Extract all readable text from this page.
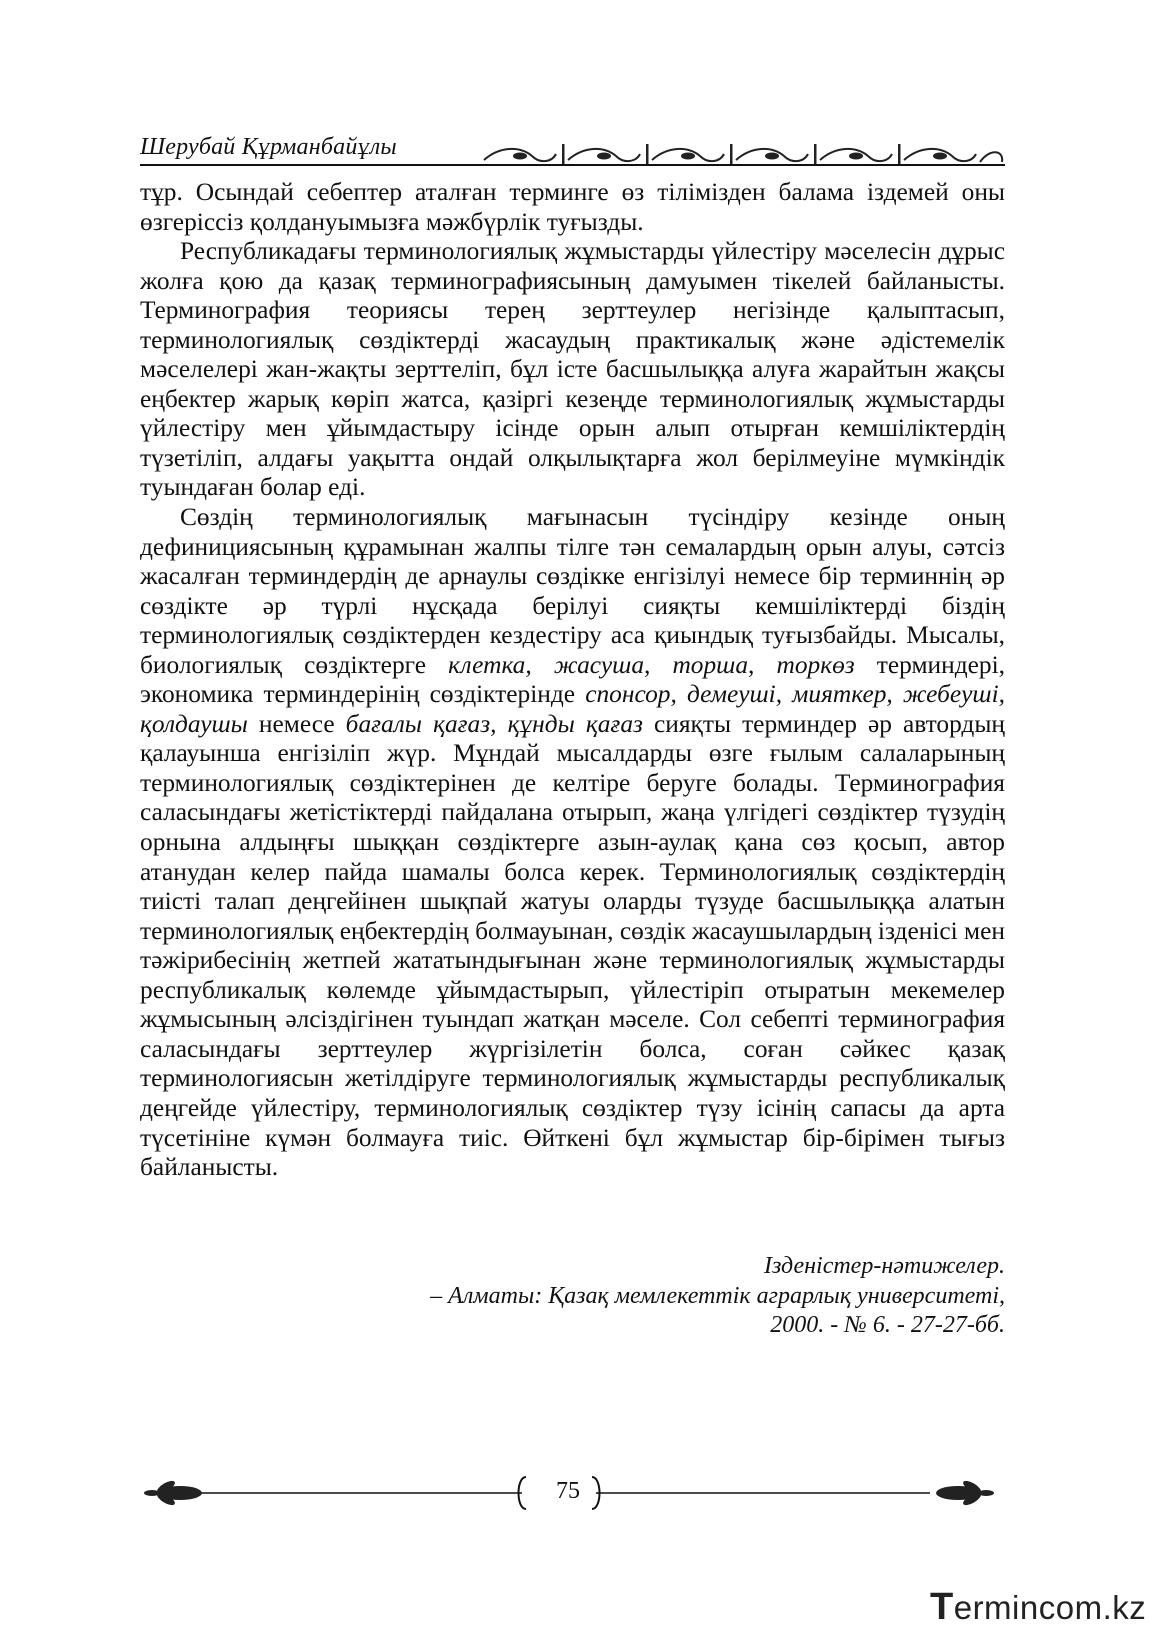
Шерубай Құрманбайұлы

тұр. Осындай себептер аталған терминге өз тілімізден балама іздемей оны өзгеріссіз қолдануымызға мәжбүрлік туғызды.

Республикадағы терминологиялық жұмыстарды үйлестіру мәселесін дұрыс жолға қою да қазақ терминографиясының дамуымен тікелей байланысты. Терминография теориясы терең зерттеулер негізінде қалыптасып, терминологиялық сөздіктерді жасаудың практикалық және әдістемелік мәселелері жан-жақты зерттеліп, бұл істе басшылыққа алуға жарайтын жақсы еңбектер жарық көріп жатса, қазіргі кезеңде терминологиялық жұмыстарды үйлестіру мен ұйымдастыру ісінде орын алып отырған кемшіліктердің түзетіліп, алдағы уақытта ондай олқылықтарға жол берілмеуіне мүмкіндік туындаған болар еді.

Сөздің терминологиялық мағынасын түсіндіру кезінде оның дефинициясының құрамынан жалпы тілге тән семалардың орын алуы, сәтсіз жасалған терминдердің де арнаулы сөздікке енгізілуі немесе бір терминнің әр сөздікте әр түрлі нұсқада берілуі сияқты кемшіліктерді біздің терминологиялық сөздіктерден кездестіру аса қиындық туғызбайды. Мысалы, биологиялық сөздіктерге клетка, жасуша, торша, торкөз терминдері, экономика терминдерінің сөздіктерінде спонсор, демеуші, мияткер, жебеуші, қолдаушы немесе бағалы қағаз, құнды қағаз сияқты терминдер әр автордың қалауынша енгізіліп жүр. Мұндай мысалдарды өзге ғылым салаларының терминологиялық сөздіктерінен де келтіре беруге болады. Терминография саласындағы жетістіктерді пайдалана отырып, жаңа үлгідегі сөздіктер түзудің орнына алдыңғы шыққан сөздіктерге азын-аулақ қана сөз қосып, автор атанудан келер пайда шамалы болса керек. Терминологиялық сөздіктердің тиісті талап деңгейінен шықпай жатуы оларды түзуде басшылыққа алатын терминологиялық еңбектердің болмауынан, сөздік жасаушылардың ізденісі мен тәжірибесінің жетпей жататындығынан және терминологиялық жұмыстарды республикалық көлемде ұйымдастырып, үйлестіріп отыратын мекемелер жұмысының әлсіздігінен туындап жатқан мәселе. Сол себепті терминография саласындағы зерттеулер жүргізілетін болса, соған сәйкес қазақ терминологиясын жетілдіруге терминологиялық жұмыстарды республикалық деңгейде үйлестіру, терминологиялық сөздіктер түзу ісінің сапасы да арта түсетініне күмән болмауға тиіс. Өйткені бұл жұмыстар бір-бірімен тығыз байланысты.

Ізденістер-нәтижелер.
– Алматы: Қазақ мемлекеттік аграрлық университеті,
2000. - № 6. - 27-27-бб.
75
Termincom.kz
